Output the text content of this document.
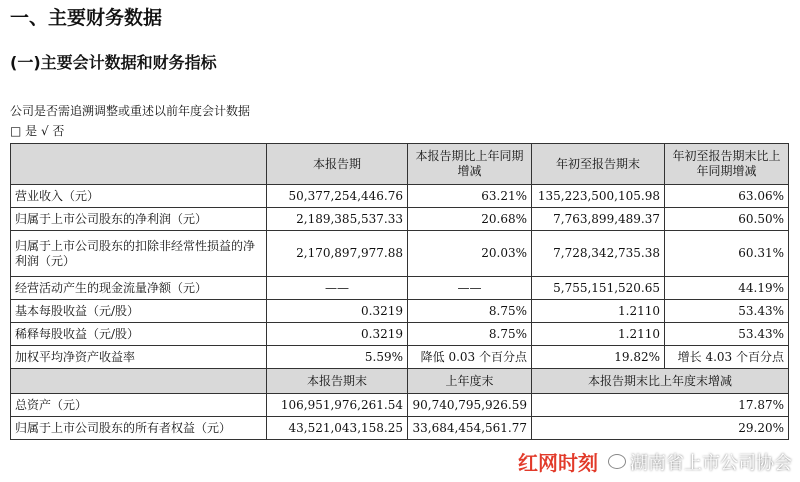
一、主要财务数据
(一)主要会计数据和财务指标
公司是否需追溯调整或重述以前年度会计数据
□ 是 √ 否
	本报告期	本报告期比上年同期增减	年初至报告期末	年初至报告期末比上年同期增减
营业收入（元）	50,377,254,446.76	63.21%	135,223,500,105.98	63.06%
归属于上市公司股东的净利润（元）	2,189,385,537.33	20.68%	7,763,899,489.37	60.50%
归属于上市公司股东的扣除非经常性损益的净利润（元）	2,170,897,977.88	20.03%	7,728,342,735.38	60.31%
经营活动产生的现金流量净额（元）	——	——	5,755,151,520.65	44.19%
基本每股收益（元/股）	0.3219	8.75%	1.2110	53.43%
稀释每股收益（元/股）	0.3219	8.75%	1.2110	53.43%
加权平均净资产收益率	5.59%	降低 0.03 个百分点	19.82%	增长 4.03 个百分点
	本报告期末	上年度末	本报告期末比上年度末增减	
总资产（元）	106,951,976,261.54	90,740,795,926.59	17.87%	
归属于上市公司股东的所有者权益（元）	43,521,043,158.25	33,684,454,561.77	29.20%	
红网时刻 湖南省上市公司协会
